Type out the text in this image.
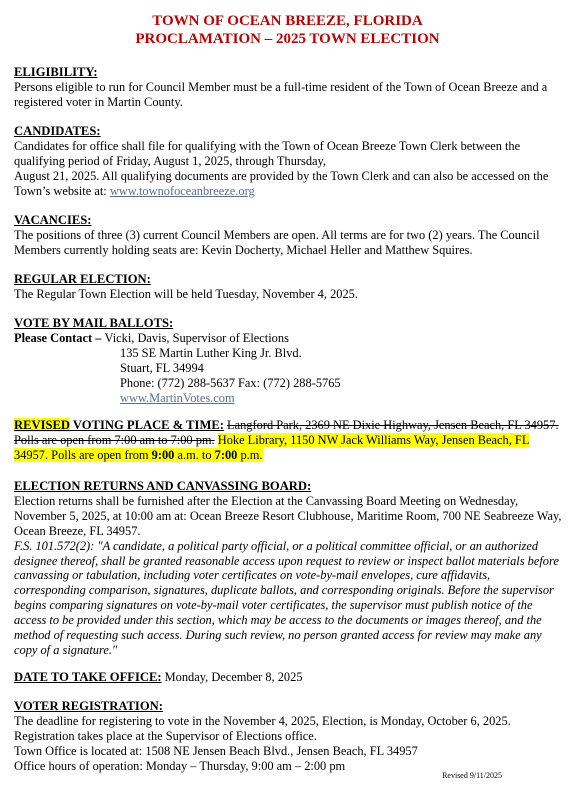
TOWN OF OCEAN BREEZE, FLORIDA
PROCLAMATION – 2025 TOWN ELECTION
ELIGIBILITY:

Persons eligible to run for Council Member must be a full-time resident of the Town of Ocean Breeze and a registered voter in Martin County.

CANDIDATES:

Candidates for office shall file for qualifying with the Town of Ocean Breeze Town Clerk between the qualifying period of Friday, August 1, 2025, through Thursday,

August 21, 2025. All qualifying documents are provided by the Town Clerk and can also be accessed on the Town’s website at: www.townofoceanbreeze.org

VACANCIES:

The positions of three (3) current Council Members are open. All terms are for two (2) years. The Council Members currently holding seats are: Kevin Docherty, Michael Heller and Matthew Squires.

REGULAR ELECTION:

The Regular Town Election will be held Tuesday, November 4, 2025.

VOTE BY MAIL BALLOTS:

Please Contact – Vicki, Davis, Supervisor of Elections

135 SE Martin Luther King Jr. Blvd.

Stuart, FL 34994

Phone: (772) 288-5637 Fax: (772) 288-5765

www.MartinVotes.com

REVISED VOTING PLACE & TIME: Langford Park, 2369 NE Dixie Highway, Jensen Beach, FL 34957. Polls are open from 7:00 am to 7:00 pm. Hoke Library, 1150 NW Jack Williams Way, Jensen Beach, FL 34957. Polls are open from 9:00 a.m. to 7:00 p.m.

ELECTION RETURNS AND CANVASSING BOARD:

Election returns shall be furnished after the Election at the Canvassing Board Meeting on Wednesday, November 5, 2025, at 10:00 am at: Ocean Breeze Resort Clubhouse, Maritime Room, 700 NE Seabreeze Way, Ocean Breeze, FL 34957.

F.S. 101.572(2): "A candidate, a political party official, or a political committee official, or an authorized designee thereof, shall be granted reasonable access upon request to review or inspect ballot materials before canvassing or tabulation, including voter certificates on vote-by-mail envelopes, cure affidavits, corresponding comparison, signatures, duplicate ballots, and corresponding originals. Before the supervisor begins comparing signatures on vote-by-mail voter certificates, the supervisor must publish notice of the access to be provided under this section, which may be access to the documents or images thereof, and the method of requesting such access. During such review, no person granted access for review may make any copy of a signature."

DATE TO TAKE OFFICE: Monday, December 8, 2025

VOTER REGISTRATION:

The deadline for registering to vote in the November 4, 2025, Election, is Monday, October 6, 2025. Registration takes place at the Supervisor of Elections office.

Town Office is located at: 1508 NE Jensen Beach Blvd., Jensen Beach, FL 34957

Office hours of operation: Monday – Thursday, 9:00 am – 2:00 pm

Revised 9/11/2025
